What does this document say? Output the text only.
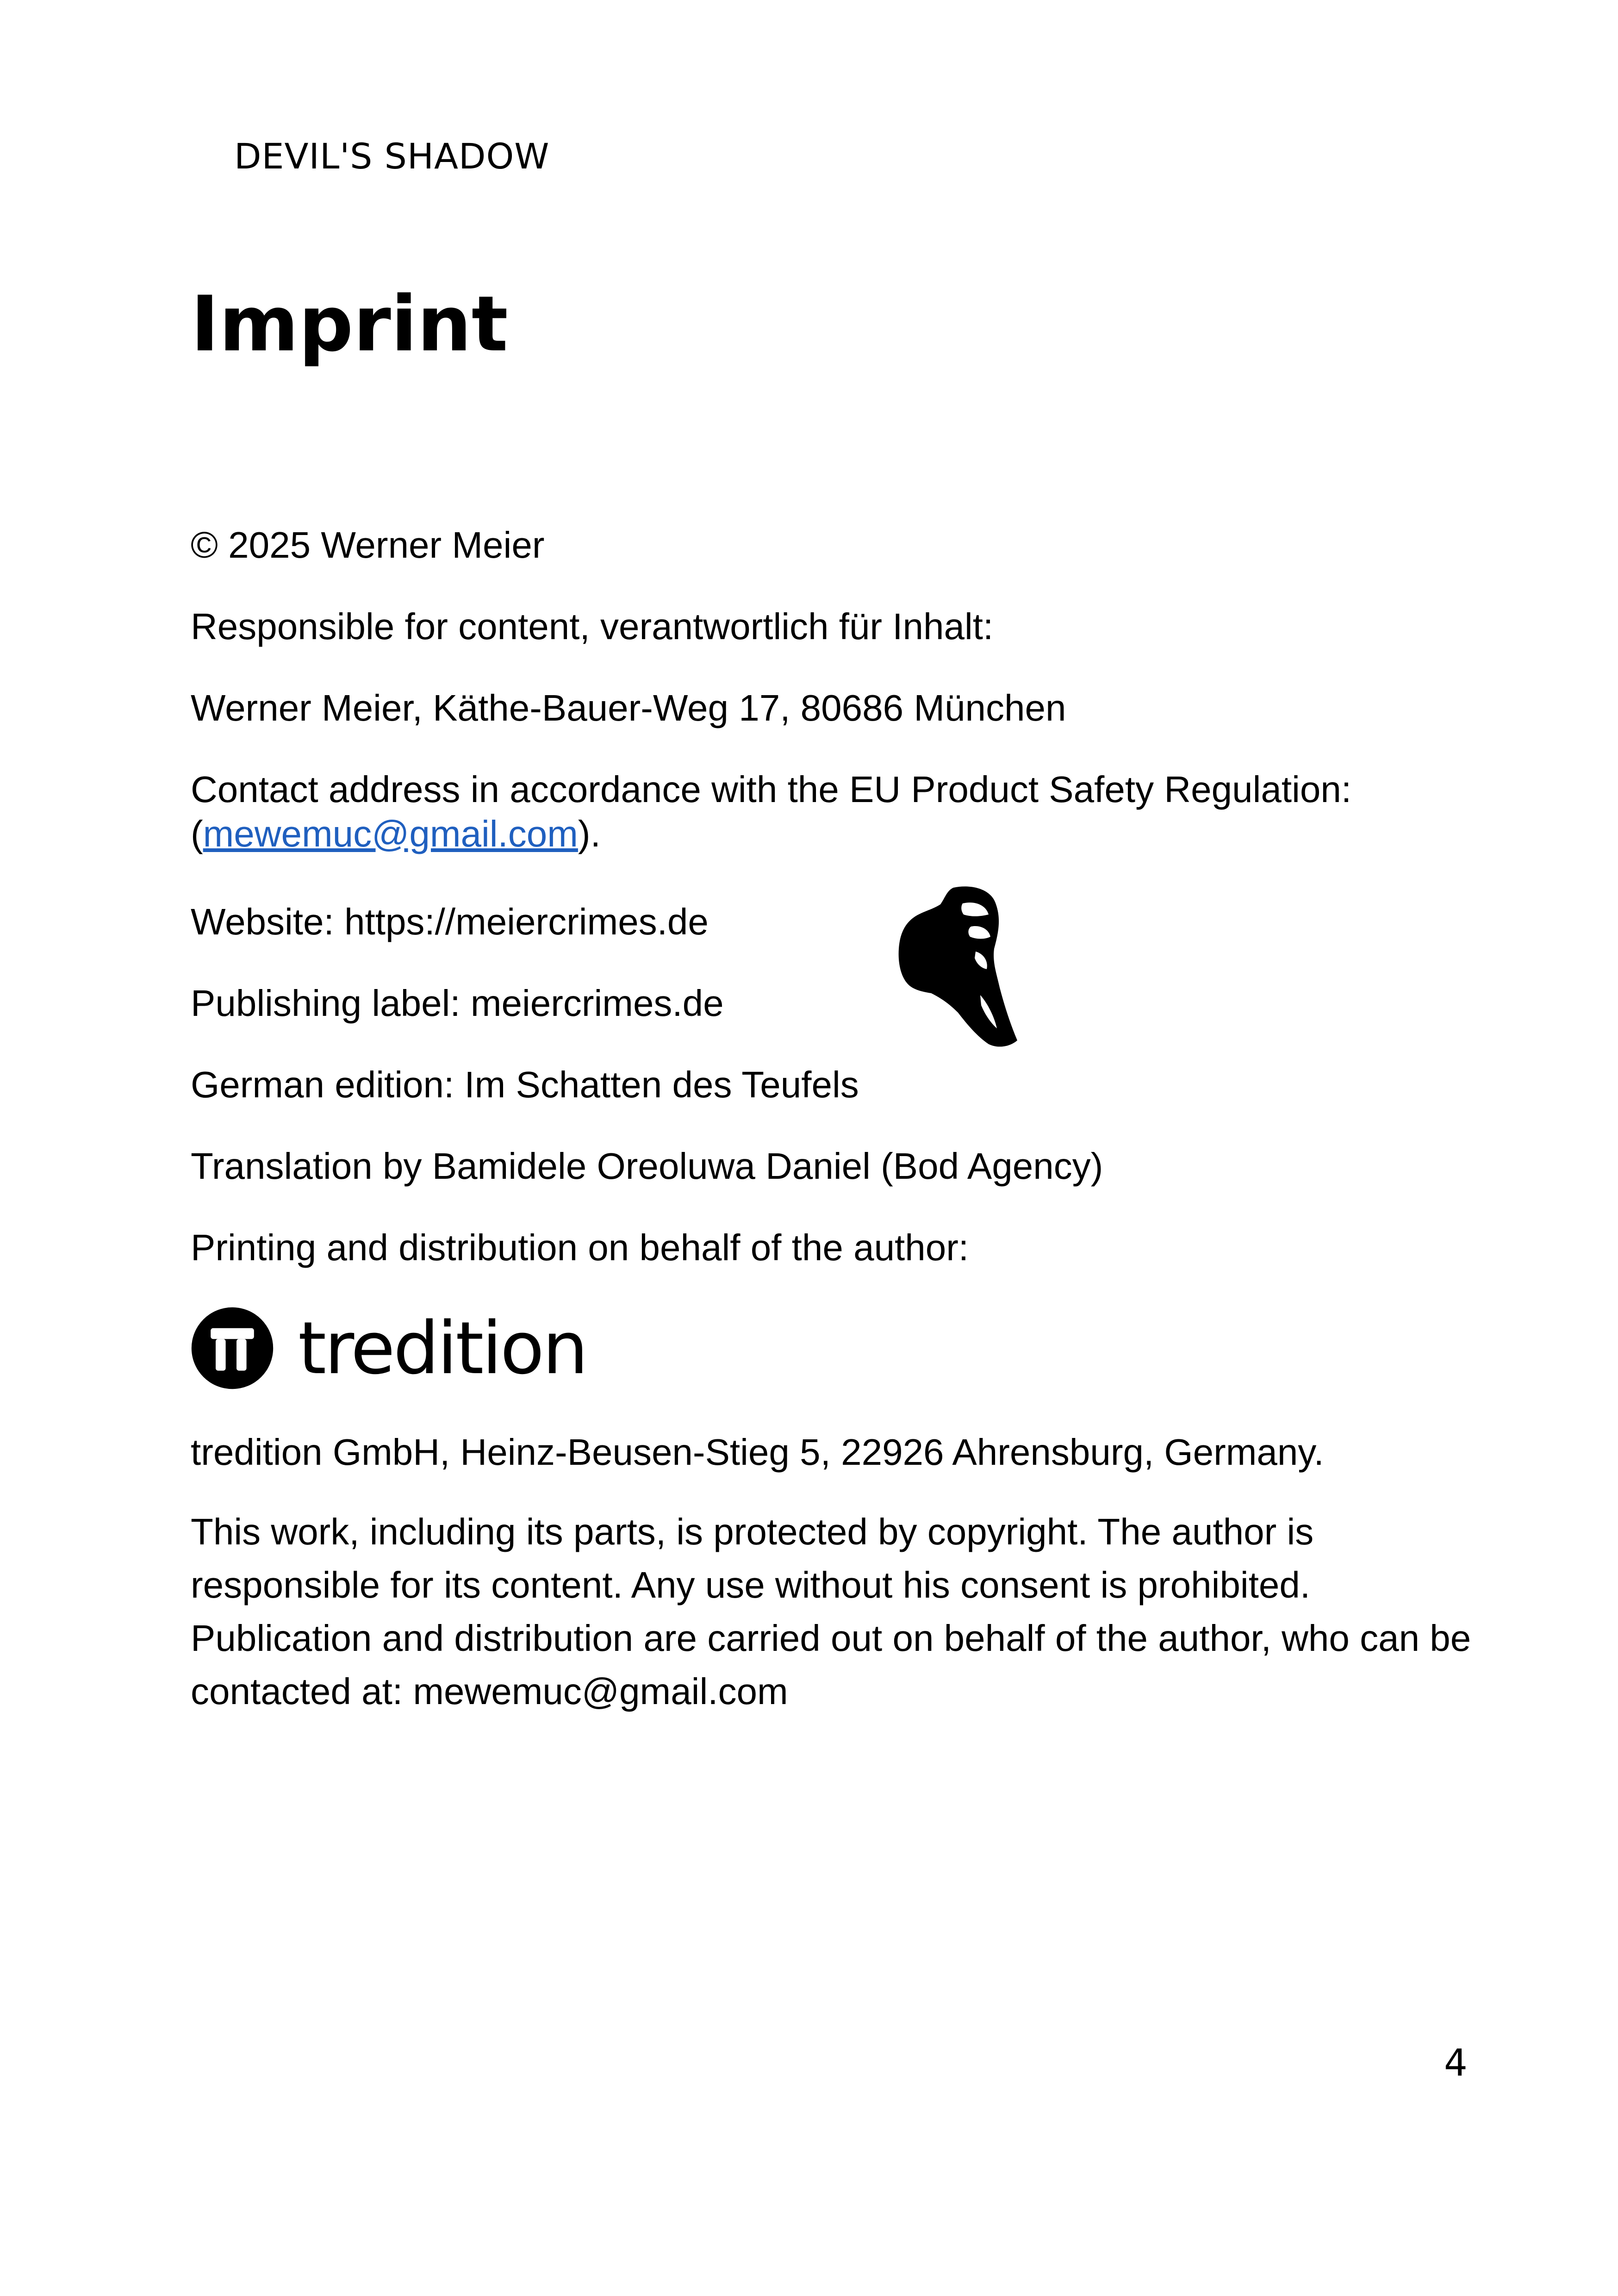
DEVIL'S SHADOW
Imprint

© 2025 Werner Meier

Responsible for content, verantwortlich für Inhalt:

Werner Meier, Käthe-Bauer-Weg 17, 80686 München

Contact address in accordance with the EU Product Safety Regulation:
(mewemuc@gmail.com).

Website: https://meiercrimes.de

Publishing label: meiercrimes.de

German edition: Im Schatten des Teufels

Translation by Bamidele Oreoluwa Daniel (Bod Agency)

Printing and distribution on behalf of the author:

tredition

tredition GmbH, Heinz-Beusen-Stieg 5, 22926 Ahrensburg, Germany.

This work, including its parts, is protected by copyright. The author is responsible for its content. Any use without his consent is prohibited. Publication and distribution are carried out on behalf of the author, who can be contacted at: mewemuc@gmail.com

4
